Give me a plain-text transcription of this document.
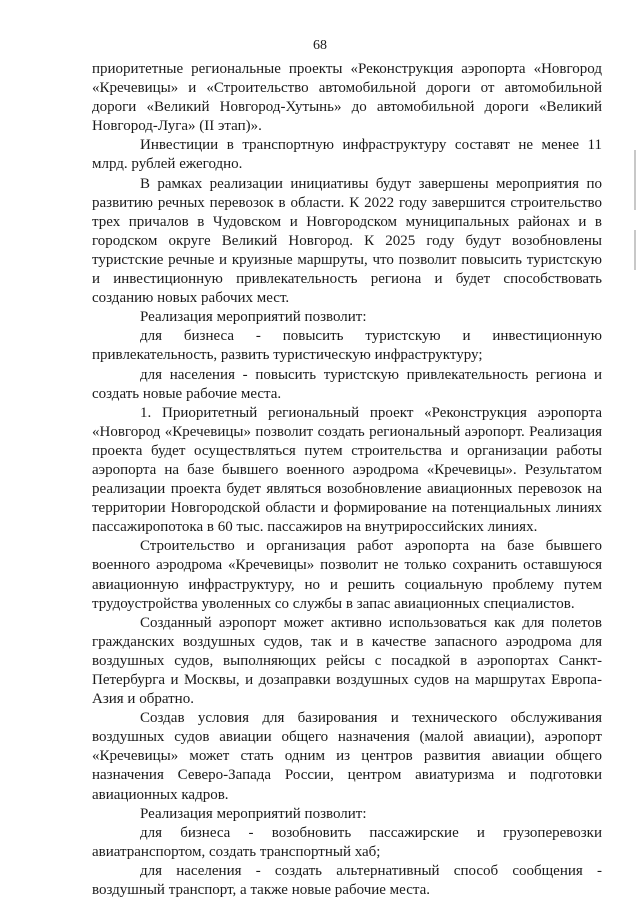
68

приоритетные региональные проекты «Реконструкция аэропорта «Новгород «Кречевицы» и «Строительство автомобильной дороги от автомобильной дороги «Великий Новгород-Хутынь» до автомобильной дороги «Великий Новгород-Луга» (II этап)».

Инвестиции в транспортную инфраструктуру составят не менее 11 млрд. рублей ежегодно.

В рамках реализации инициативы будут завершены мероприятия по развитию речных перевозок в области. К 2022 году завершится строительство трех причалов в Чудовском и Новгородском муниципальных районах и в городском округе Великий Новгород. К 2025 году будут возобновлены туристские речные и круизные маршруты, что позволит повысить туристскую и инвестиционную привлекательность региона и будет способствовать созданию новых рабочих мест.

Реализация мероприятий позволит:

для бизнеса - повысить туристскую и инвестиционную привлекательность, развить туристическую инфраструктуру;

для населения - повысить туристскую привлекательность региона и создать новые рабочие места.

1. Приоритетный региональный проект «Реконструкция аэропорта «Новгород «Кречевицы» позволит создать региональный аэропорт. Реализация проекта будет осуществляться путем строительства и организации работы аэропорта на базе бывшего военного аэродрома «Кречевицы». Результатом реализации проекта будет являться возобновление авиационных перевозок на территории Новгородской области и формирование на потенциальных линиях пассажиропотока в 60 тыс. пассажиров на внутрироссийских линиях.

Строительство и организация работ аэропорта на базе бывшего военного аэродрома «Кречевицы» позволит не только сохранить оставшуюся авиационную инфраструктуру, но и решить социальную проблему путем трудоустройства уволенных со службы в запас авиационных специалистов.

Созданный аэропорт может активно использоваться как для полетов гражданских воздушных судов, так и в качестве запасного аэродрома для воздушных судов, выполняющих рейсы с посадкой в аэропортах Санкт-Петербурга и Москвы, и дозаправки воздушных судов на маршрутах Европа-Азия и обратно.

Создав условия для базирования и технического обслуживания воздушных судов авиации общего назначения (малой авиации), аэропорт «Кречевицы» может стать одним из центров развития авиации общего назначения Северо-Запада России, центром авиатуризма и подготовки авиационных кадров.

Реализация мероприятий позволит:

для бизнеса - возобновить пассажирские и грузоперевозки авиатранспортом, создать транспортный хаб;

для населения - создать альтернативный способ сообщения - воздушный транспорт, а также новые рабочие места.
